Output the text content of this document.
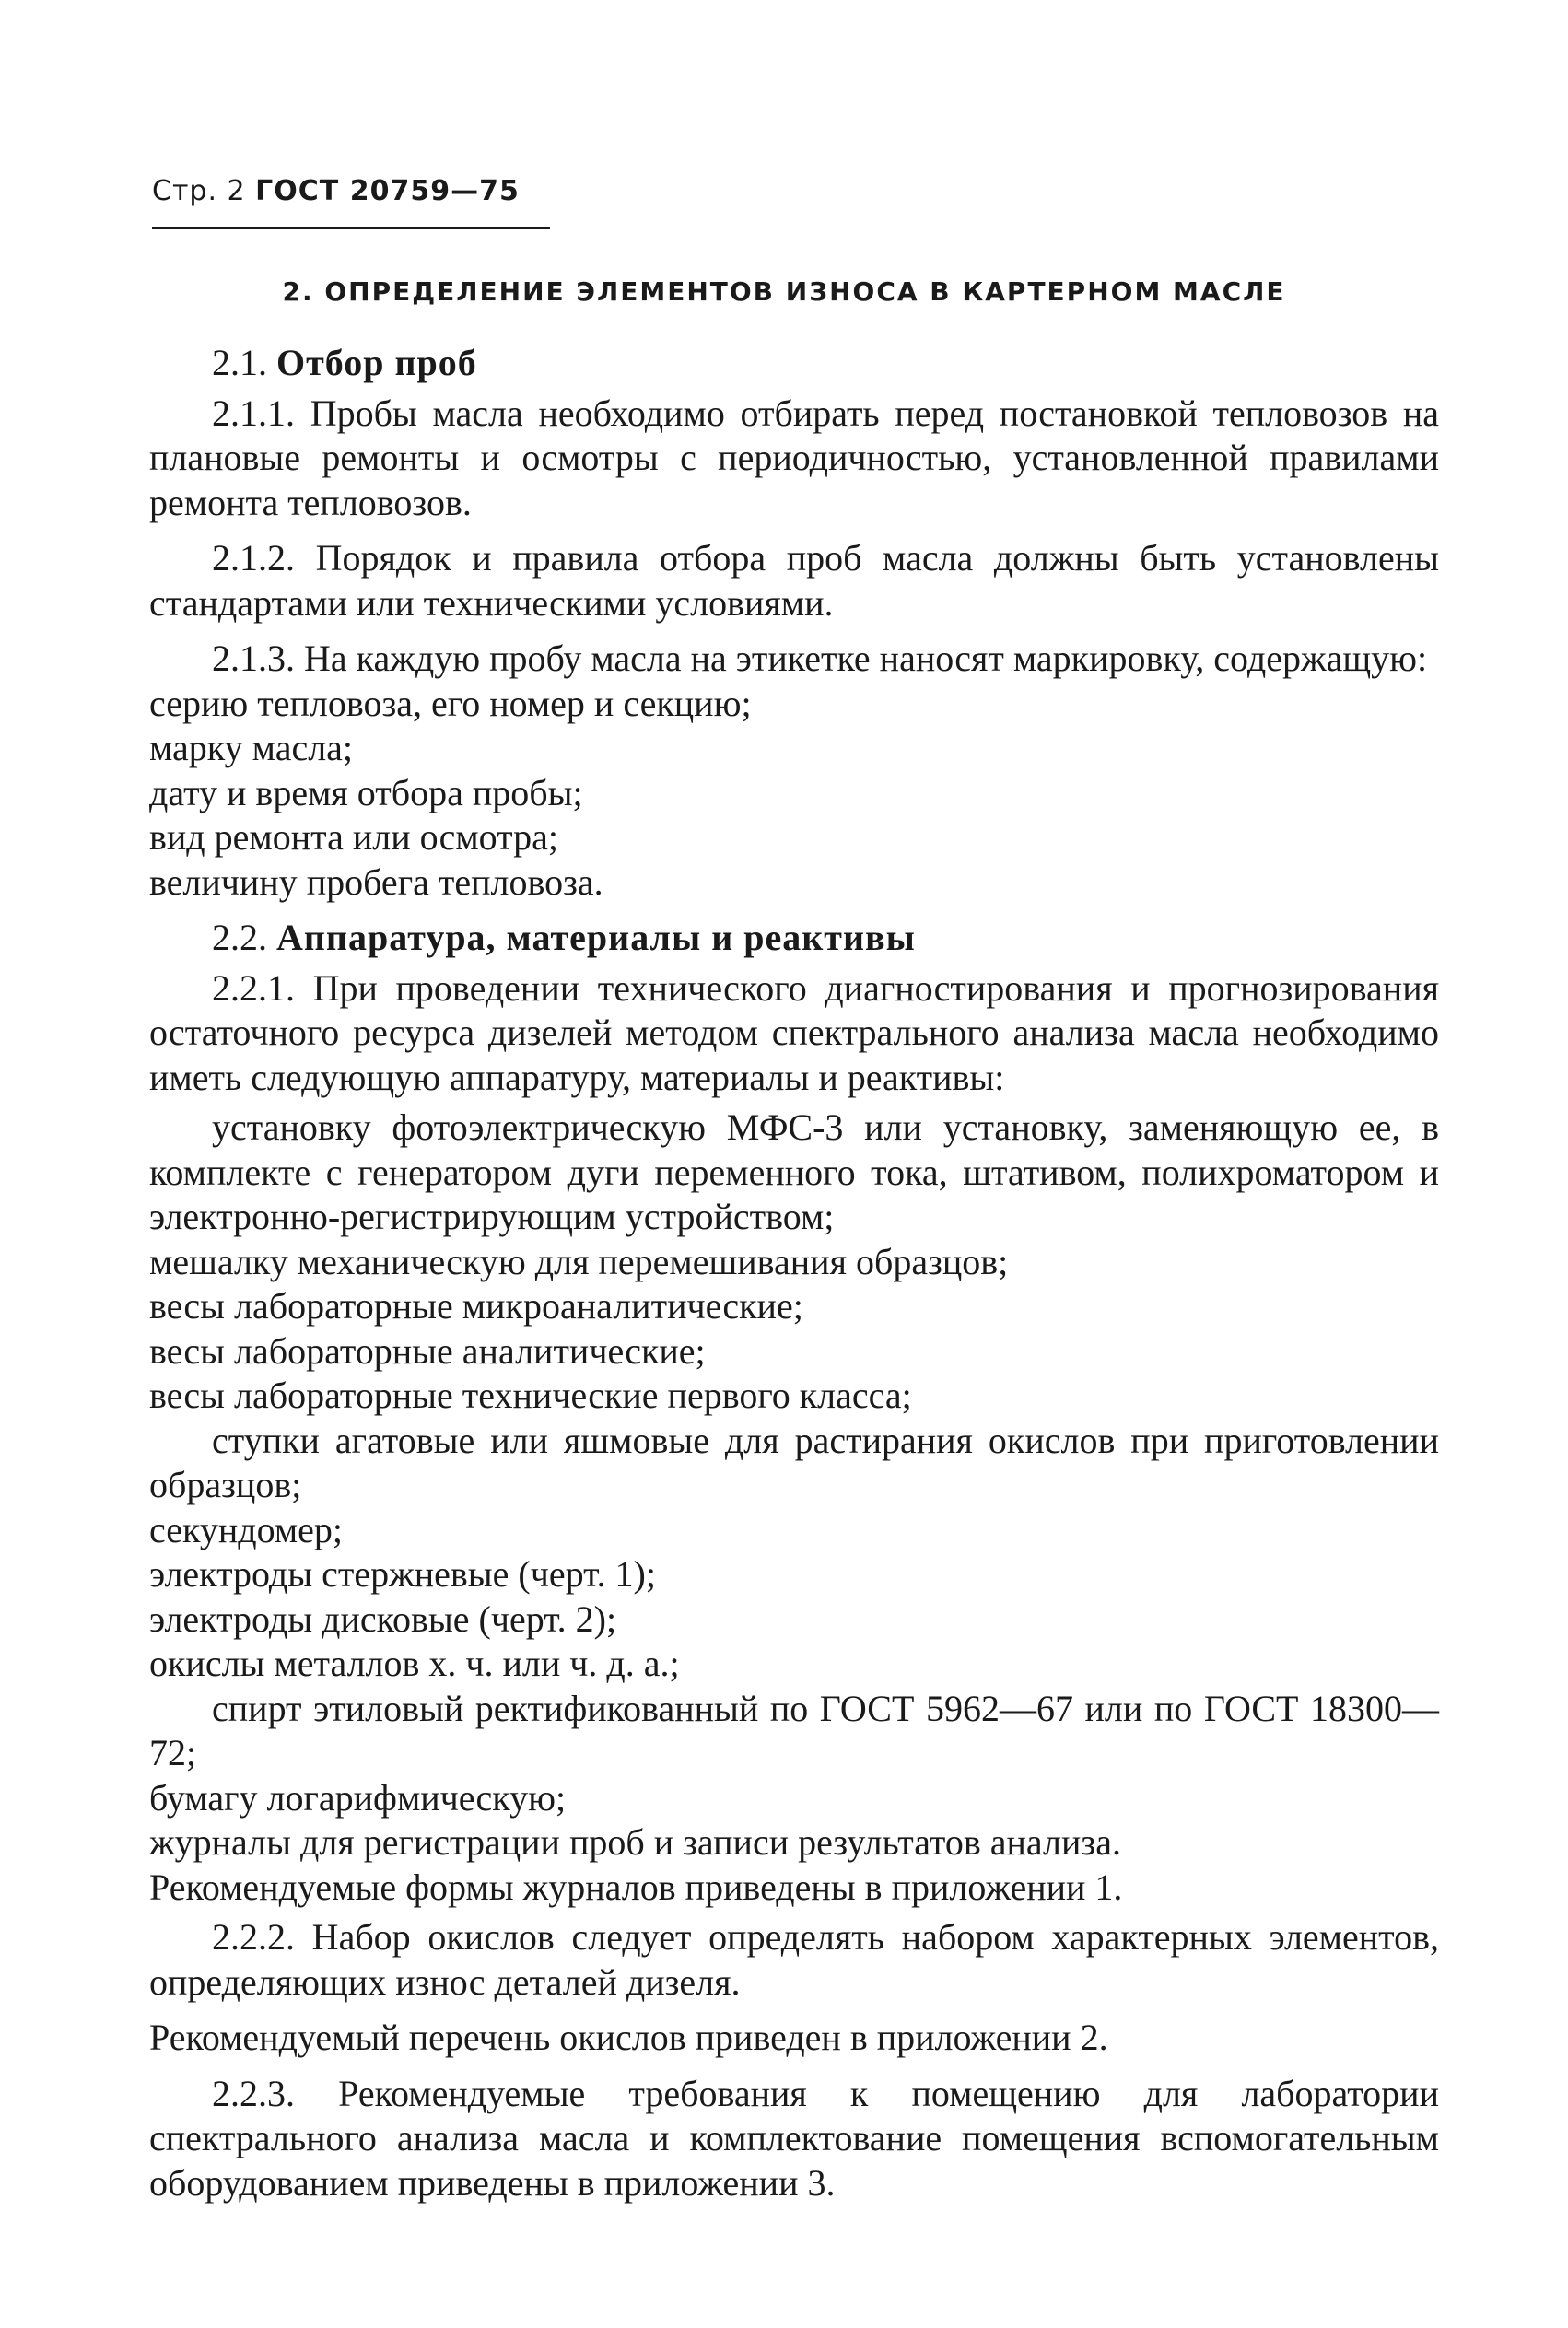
Стр. 2 ГОСТ 20759—75
2. ОПРЕДЕЛЕНИЕ ЭЛЕМЕНТОВ ИЗНОСА В КАРТЕРНОМ МАСЛЕ

2.1. Отбор проб

2.1.1. Пробы масла необходимо отбирать перед постановкой тепловозов на плановые ремонты и осмотры с периодичностью, установленной правилами ремонта тепловозов.

2.1.2. Порядок и правила отбора проб масла должны быть установлены стандартами или техническими условиями.

2.1.3. На каждую пробу масла на этикетке наносят маркировку, содержащую:

серию тепловоза, его номер и секцию;

марку масла;

дату и время отбора пробы;

вид ремонта или осмотра;

величину пробега тепловоза.

2.2. Аппаратура, материалы и реактивы

2.2.1. При проведении технического диагностирования и прогнозирования остаточного ресурса дизелей методом спектрального анализа масла необходимо иметь следующую аппаратуру, материалы и реактивы:

установку фотоэлектрическую МФС-3 или установку, заменяющую ее, в комплекте с генератором дуги переменного тока, штативом, полихроматором и электронно-регистрирующим устройством;

мешалку механическую для перемешивания образцов;

весы лабораторные микроаналитические;

весы лабораторные аналитические;

весы лабораторные технические первого класса;

ступки агатовые или яшмовые для растирания окислов при приготовлении образцов;

секундомер;

электроды стержневые (черт. 1);

электроды дисковые (черт. 2);

окислы металлов х. ч. или ч. д. а.;

спирт этиловый ректификованный по ГОСТ 5962—67 или по ГОСТ 18300—72;

бумагу логарифмическую;

журналы для регистрации проб и записи результатов анализа.

Рекомендуемые формы журналов приведены в приложении 1.

2.2.2. Набор окислов следует определять набором характерных элементов, определяющих износ деталей дизеля.

Рекомендуемый перечень окислов приведен в приложении 2.

2.2.3. Рекомендуемые требования к помещению для лаборатории спектрального анализа масла и комплектование помещения вспомогательным оборудованием приведены в приложении 3.
